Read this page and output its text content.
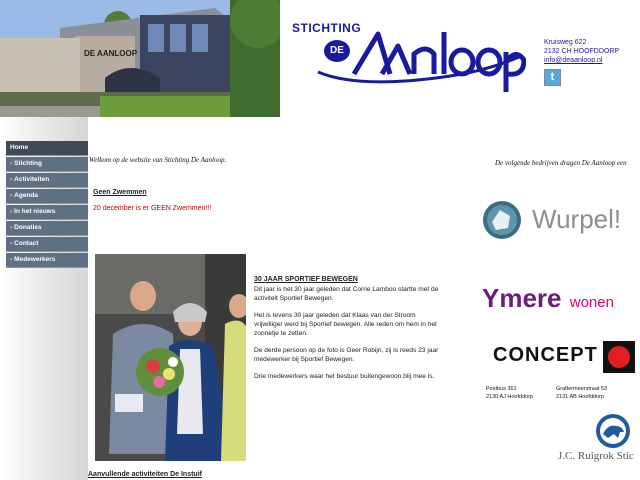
DE AANLOOP
STICHTING
DE
Kruisweg 622
2132 CH HOOFDDORP
info@deaanloop.nl
t
Home
› Stichting
› Activiteiten
› Agenda
› In het nieuws
› Donaties
› Contact
› Medewerkers
Welkom op de website van Stichting De Aanloop.	De volgende bedrijven dragen De Aanloop een
Geen Zwemmen
20 december is er GEEN Zwemmen!!!
30 JAAR SPORTIEF BEWEGEN

Dit jaar is het 30 jaar geleden dat Corrie Lamboo startte met de activiteit Sportief Bewegen.

Het is tevens 30 jaar geleden dat Klaas van der Stroom vrijwilliger werd bij Sportief bewegen. Alle reden om hem in het zonnetje te zetten.

De derde persoon op de foto is Geer Robijn, zij is reeds 23 jaar medewerker bij Sportief Bewegen.

Drie medewerkers waar het bestuur buitengewoon blij mee is.

Aanvullende activiteiten De Instuif
Wurpel!
Ymere wonen
CONCEPT
Postbus 361
2130 AJ Hoofddorp
Graftermeerstraat 53
2131 AB Hoofddorp
J.C. Ruigrok Stic
